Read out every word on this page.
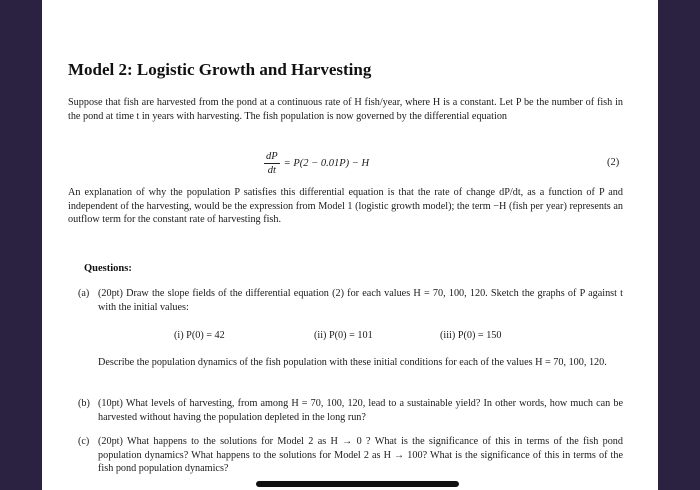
Model 2: Logistic Growth and Harvesting
Suppose that fish are harvested from the pond at a continuous rate of H fish/year, where H is a constant. Let P be the number of fish in the pond at time t in years with harvesting. The fish population is now governed by the differential equation
$\frac{dP}{dt} = P(2 - 0.01P) - H$	(2)
An explanation of why the population P satisfies this differential equation is that the rate of change dP/dt, as a function of P and independent of the harvesting, would be the expression from Model 1 (logistic growth model); the term −H (fish per year) represents an outflow term for the constant rate of harvesting fish.
Questions:
(a) (20pt) Draw the slope fields of the differential equation (2) for each values H = 70, 100, 120. Sketch the graphs of P against t with the initial values:
(i) P(0) = 42	(ii) P(0) = 101	(iii) P(0) = 150
Describe the population dynamics of the fish population with these initial conditions for each of the values H = 70, 100, 120.
(b) (10pt) What levels of harvesting, from among H = 70, 100, 120, lead to a sustainable yield? In other words, how much can be harvested without having the population depleted in the long run?
(c) (20pt) What happens to the solutions for Model 2 as H → 0 ? What is the significance of this in terms of the fish pond population dynamics? What happens to the solutions for Model 2 as H → 100? What is the significance of this in terms of the fish pond population dynamics?
